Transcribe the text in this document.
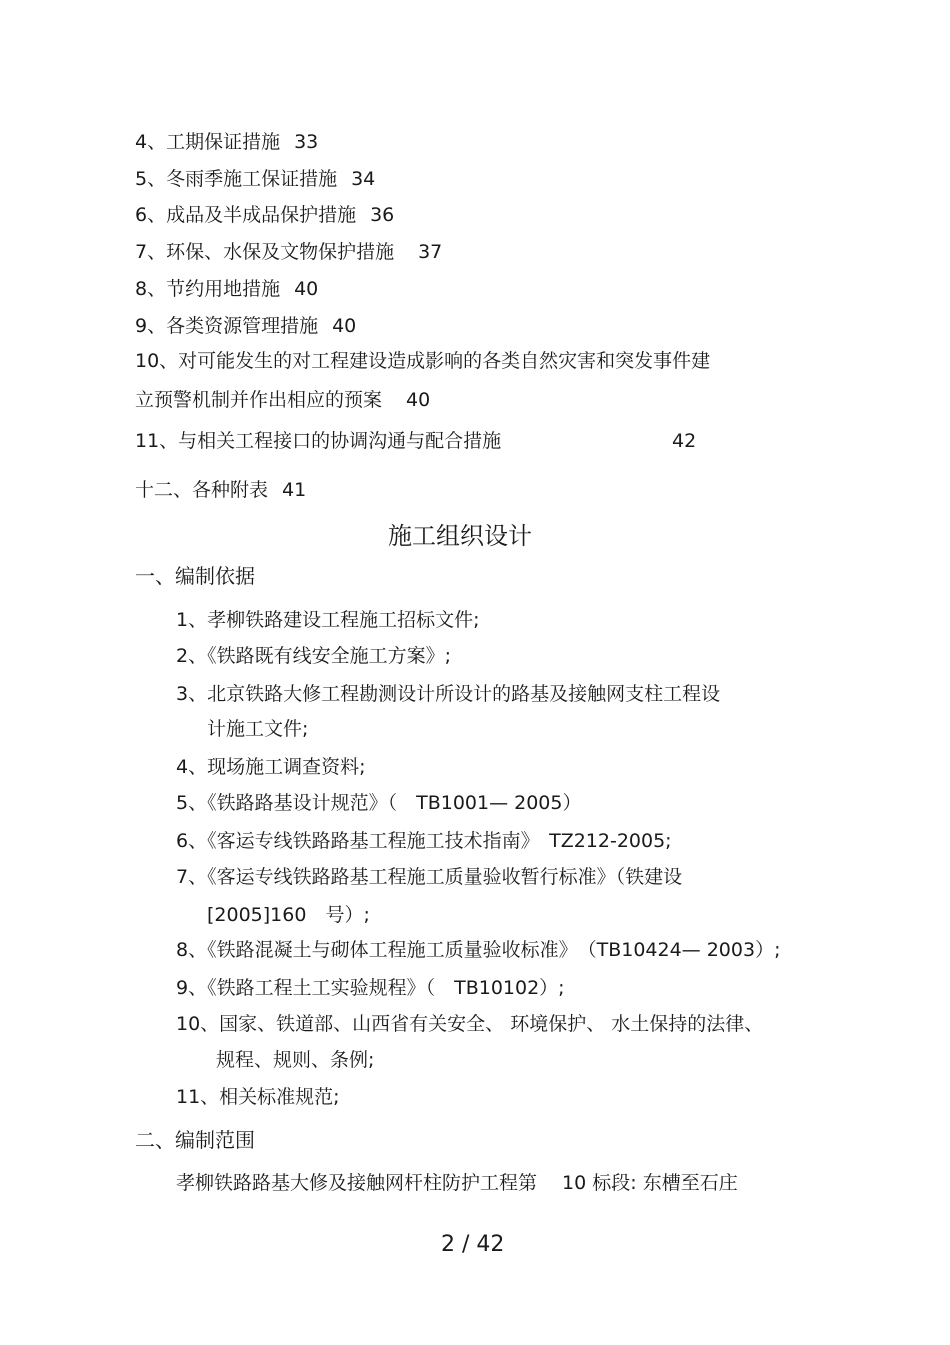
4、工期保证措施 33
5、冬雨季施工保证措施 34
6、成品及半成品保护措施 36
7、环保、水保及文物保护措施 37
8、节约用地措施 40
9、各类资源管理措施 40
10、对可能发生的对工程建设造成影响的各类自然灾害和突发事件建
立预警机制并作出相应的预案 40
11、与相关工程接口的协调沟通与配合措施	42
十二、各种附表 41
施工组织设计
一、编制依据
1、孝柳铁路建设工程施工招标文件;
2、《铁路既有线安全施工方案》;
3、北京铁路大修工程勘测设计所设计的路基及接触网支柱工程设
计施工文件;
4、现场施工调查资料;
5、《铁路路基设计规范》（　TB1001— 2005）
6、《客运专线铁路路基工程施工技术指南》　TZ212-2005;
7、《客运专线铁路路基工程施工质量验收暂行标准》（铁建设
[2005]160　号）;
8、《铁路混凝土与砌体工程施工质量验收标准》　（TB10424— 2003）;
9、《铁路工程土工实验规程》（　TB10102）;
10、国家、铁道部、山西省有关安全、 环境保护、 水土保持的法律、
规程、规则、条例;
11、相关标准规范;
二、编制范围
孝柳铁路路基大修及接触网杆柱防护工程第　 10 标段: 东槽至石庄
2 / 42
